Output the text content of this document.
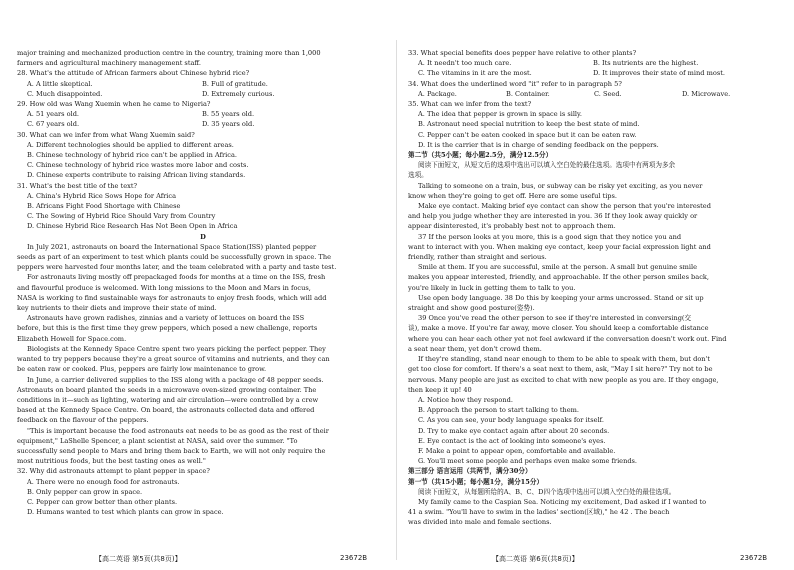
major training and mechanized production centre in the country, training more than 1,000
farmers and agricultural machinery management staff.
28. What's the attitude of African farmers about Chinese hybrid rice?
A. A little skeptical.	B. Full of gratitude.
C. Much disappointed.	D. Extremely curious.
29. How old was Wang Xuemin when he came to Nigeria?
A. 51 years old.	B. 55 years old.
C. 67 years old.	D. 35 years old.
30. What can we infer from what Wang Xuemin said?
A. Different technologies should be applied to different areas.
B. Chinese technology of hybrid rice can't be applied in Africa.
C. Chinese technology of hybrid rice wastes more labor and costs.
D. Chinese experts contribute to raising African living standards.
31. What's the best title of the text?
A. China's Hybrid Rice Sows Hope for Africa
B. Africans Fight Food Shortage with Chinese
C. The Sowing of Hybrid Rice Should Vary from Country
D. Chinese Hybrid Rice Research Has Not Been Open in Africa
D
In July 2021, astronauts on board the International Space Station(ISS) planted pepper
seeds as part of an experiment to test which plants could be successfully grown in space. The
peppers were harvested four months later, and the team celebrated with a party and taste test.
For astronauts living mostly off prepackaged foods for months at a time on the ISS, fresh
and flavourful produce is welcomed. With long missions to the Moon and Mars in focus,
NASA is working to find sustainable ways for astronauts to enjoy fresh foods, which will add
key nutrients to their diets and improve their state of mind.
Astronauts have grown radishes, zinnias and a variety of lettuces on board the ISS
before, but this is the first time they grew peppers, which posed a new challenge, reports
Elizabeth Howell for Space.com.
Biologists at the Kennedy Space Centre spent two years picking the perfect pepper. They
wanted to try peppers because they're a great source of vitamins and nutrients, and they can
be eaten raw or cooked. Plus, peppers are fairly low maintenance to grow.
In June, a carrier delivered supplies to the ISS along with a package of 48 pepper seeds.
Astronauts on board planted the seeds in a microwave oven-sized growing container. The
conditions in it—such as lighting, watering and air circulation—were controlled by a crew
based at the Kennedy Space Centre. On board, the astronauts collected data and offered
feedback on the flavour of the peppers.
"This is important because the food astronauts eat needs to be as good as the rest of their
equipment," LaShelle Spencer, a plant scientist at NASA, said over the summer. "To
successfully send people to Mars and bring them back to Earth, we will not only require the
most nutritious foods, but the best tasting ones as well."
32. Why did astronauts attempt to plant pepper in space?
A. There were no enough food for astronauts.
B. Only pepper can grow in space.
C. Pepper can grow better than other plants.
D. Humans wanted to test which plants can grow in space.
33. What special benefits does pepper have relative to other plants?
A. It needn't too much care.	B. Its nutrients are the highest.
C. The vitamins in it are the most.	D. It improves their state of mind most.
34. What does the underlined word "it" refer to in paragraph 5?
A. Package.	B. Container.	C. Seed.	D. Microwave.
35. What can we infer from the text?
A. The idea that pepper is grown in space is silly.
B. Astronaut need special nutrition to keep the best state of mind.
C. Pepper can't be eaten cooked in space but it can be eaten raw.
D. It is the carrier that is in charge of sending feedback on the peppers.
第二节（共5小题；每小题2.5分，满分12.5分）
阅读下面短文，从短文后的选项中选出可以填入空白处的最佳选项。选项中有两项为多余
选项。
Talking to someone on a train, bus, or subway can be risky yet exciting, as you never
know when they're going to get off. Here are some useful tips.
Make eye contact. Making brief eye contact can show the person that you're interested
and help you judge whether they are interested in you. 36 If they look away quickly or
appear disinterested, it's probably best not to approach them.
37 If the person looks at you more, this is a good sign that they notice you and
want to interact with you. When making eye contact, keep your facial expression light and
friendly, rather than straight and serious.
Smile at them. If you are successful, smile at the person. A small but genuine smile
makes you appear interested, friendly, and approachable. If the other person smiles back,
you're likely in luck in getting them to talk to you.
Use open body language. 38 Do this by keeping your arms uncrossed. Stand or sit up
straight and show good posture(姿势).
39 Once you've read the other person to see if they're interested in conversing(交
谈), make a move. If you're far away, move closer. You should keep a comfortable distance
where you can hear each other yet not feel awkward if the conversation doesn't work out. Find
a seat near them, yet don't crowd them.
If they're standing, stand near enough to them to be able to speak with them, but don't
get too close for comfort. If there's a seat next to them, ask, "May I sit here?" Try not to be
nervous. Many people are just as excited to chat with new people as you are. If they engage,
then keep it up! 40
A. Notice how they respond.
B. Approach the person to start talking to them.
C. As you can see, your body language speaks for itself.
D. Try to make eye contact again after about 20 seconds.
E. Eye contact is the act of looking into someone's eyes.
F. Make a point to appear open, comfortable and available.
G. You'll meet some people and perhaps even make some friends.
第三部分 语言运用（共两节，满分30分）
第一节（共15小题；每小题1分，满分15分）
阅读下面短文，从每题所给的A、B、C、D四个选项中选出可以填入空白处的最佳选项。
My family came to the Caspian Sea. Noticing my excitement, Dad asked if I wanted to
41 a swim. "You'll have to swim in the ladies' section(区域)," he 42 . The beach
was divided into male and female sections.
【高二英语 第5页(共8页)】	23672B	【高二英语 第6页(共8页)】	23672B
